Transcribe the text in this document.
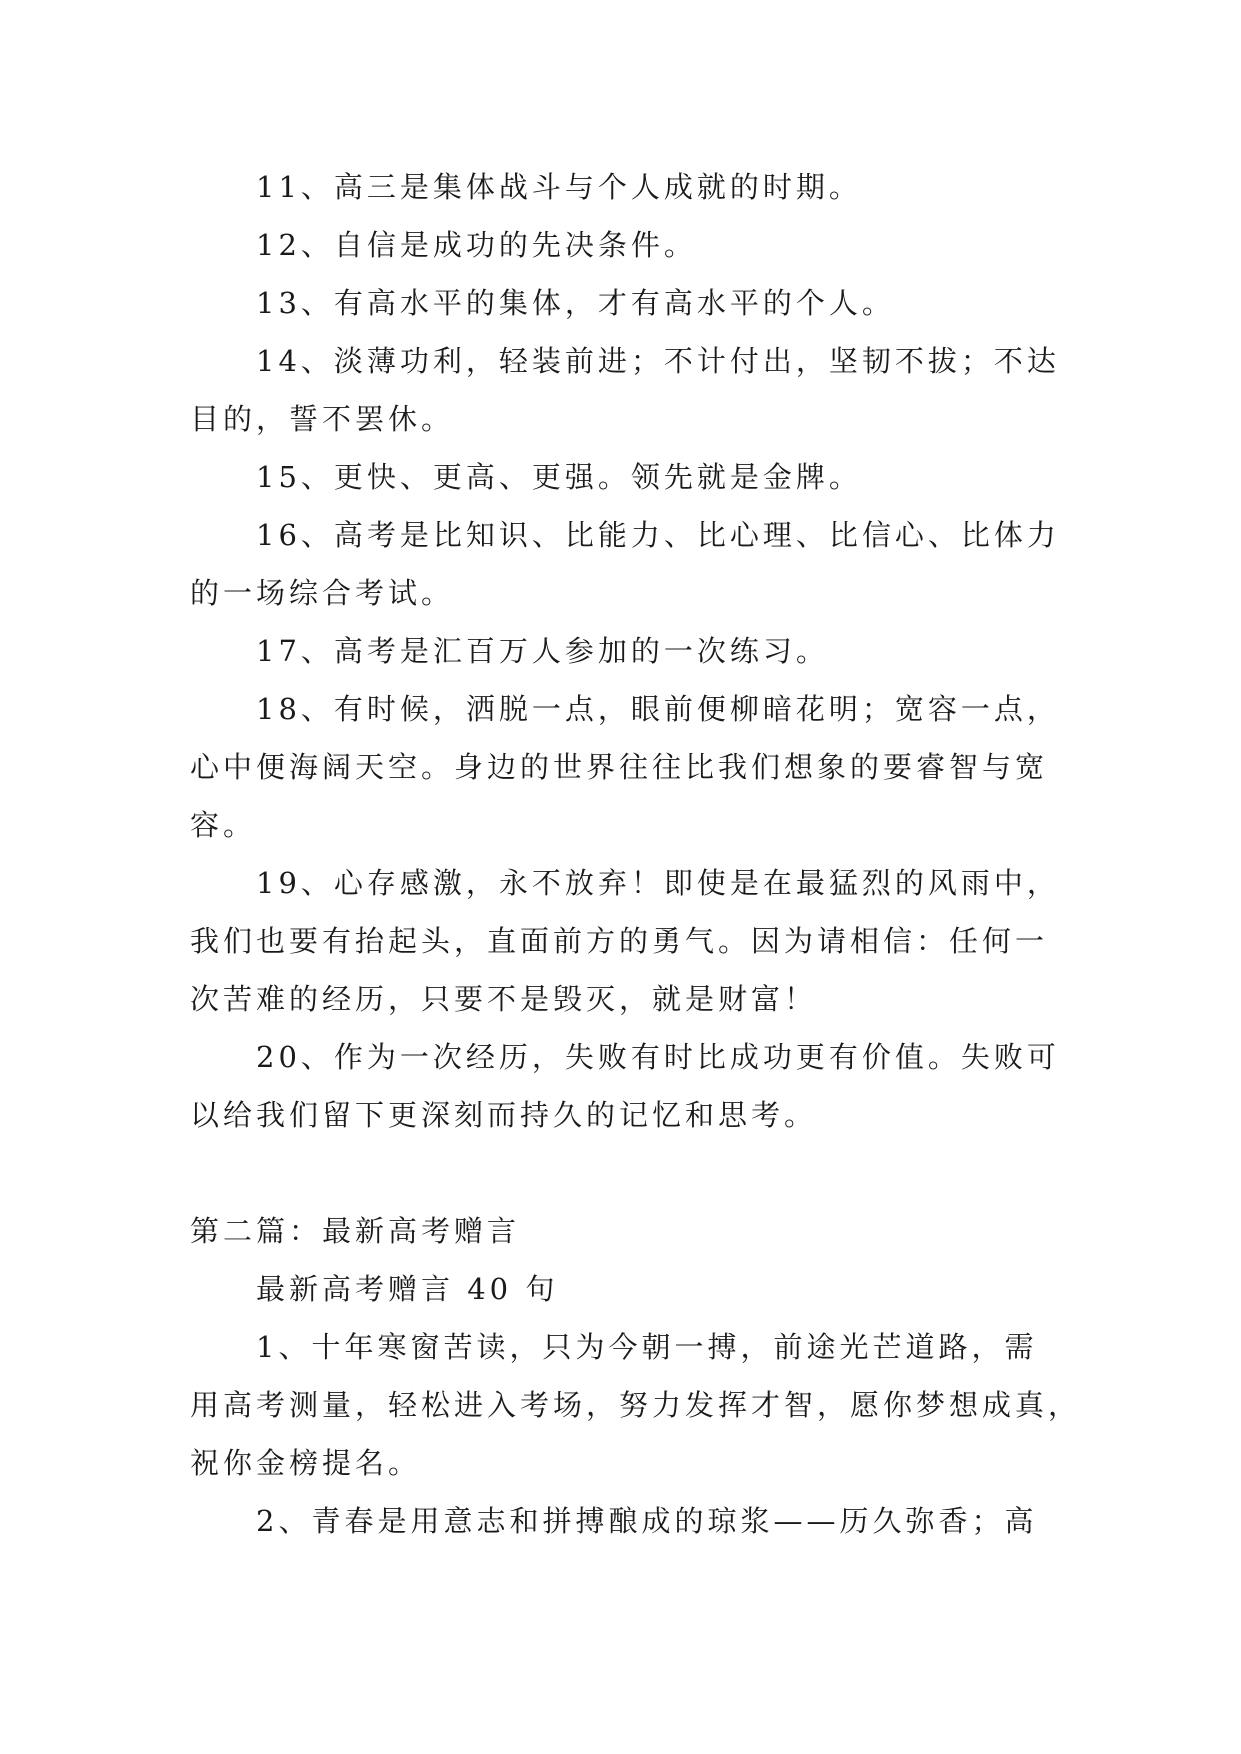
11、高三是集体战斗与个人成就的时期。

12、自信是成功的先决条件。

13、有高水平的集体，才有高水平的个人。

14、淡薄功利，轻装前进；不计付出，坚韧不拔；不达

目的，誓不罢休。

15、更快、更高、更强。领先就是金牌。

16、高考是比知识、比能力、比心理、比信心、比体力

的一场综合考试。

17、高考是汇百万人参加的一次练习。

18、有时候，洒脱一点，眼前便柳暗花明；宽容一点，

心中便海阔天空。身边的世界往往比我们想象的要睿智与宽

容。

19、心存感激，永不放弃！即使是在最猛烈的风雨中，

我们也要有抬起头，直面前方的勇气。因为请相信：任何一

次苦难的经历，只要不是毁灭，就是财富！

20、作为一次经历，失败有时比成功更有价值。失败可

以给我们留下更深刻而持久的记忆和思考。

第二篇：最新高考赠言

最新高考赠言 40 句

1、十年寒窗苦读，只为今朝一搏，前途光芒道路，需

用高考测量，轻松进入考场，努力发挥才智，愿你梦想成真，

祝你金榜提名。

2、青春是用意志和拼搏酿成的琼浆——历久弥香；高
